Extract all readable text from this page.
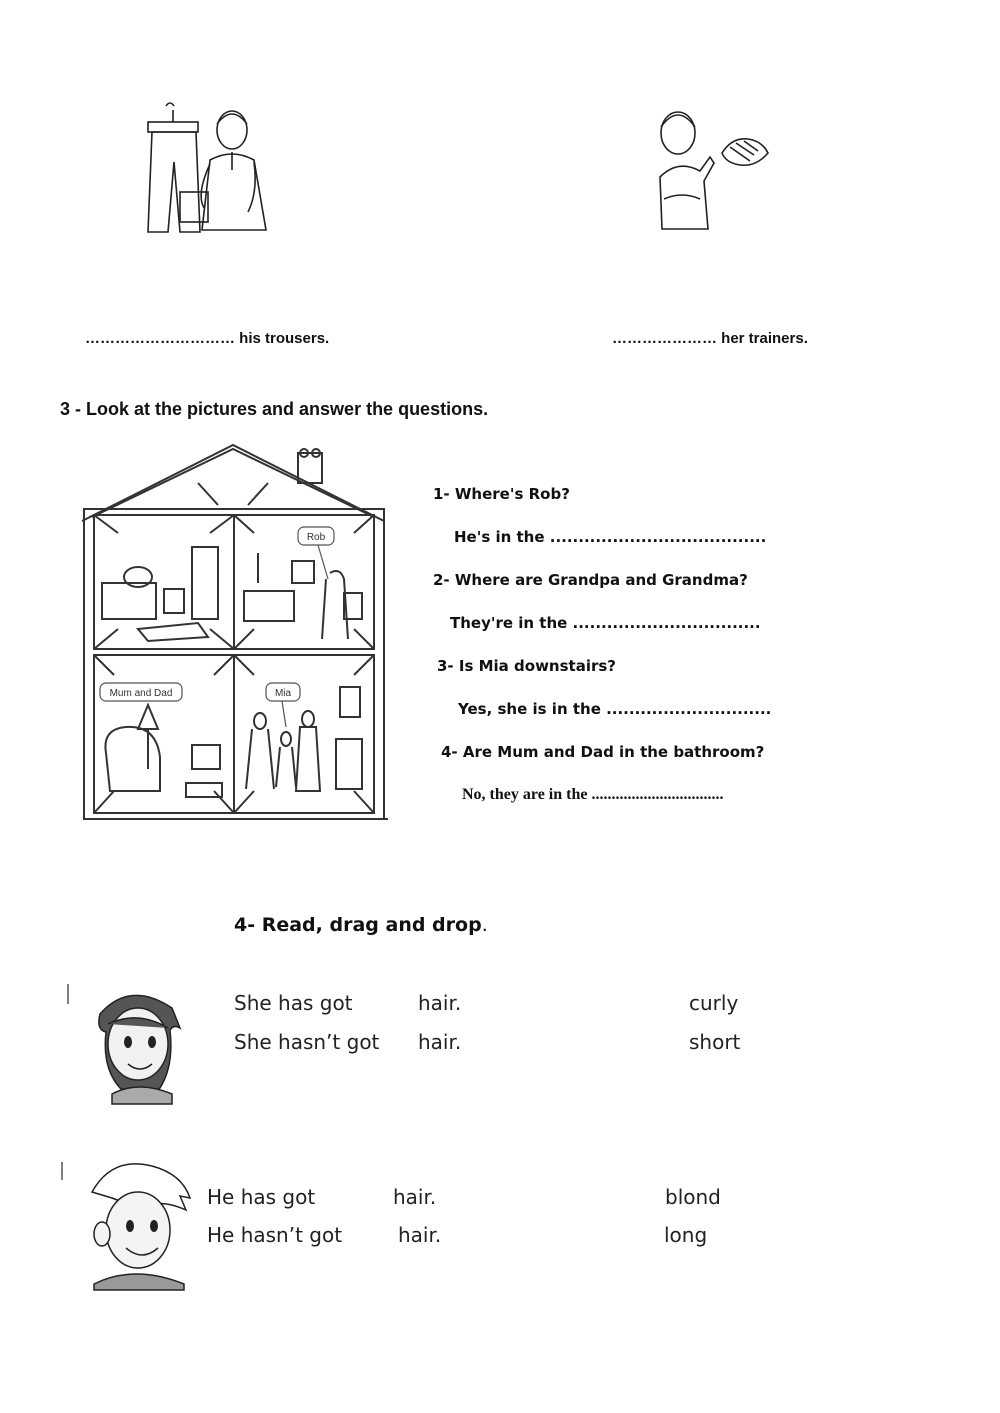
………………………… his trousers.	………………… her trainers.
3 - Look at the pictures and answer the questions.
Rob
Mum and Dad	Mia
1- Where's Rob?
He's in the ......................................
2- Where are Grandpa and Grandma?
They're in the .................................
3- Is Mia downstairs?
Yes, she is in the .............................
4- Are Mum and Dad in the bathroom?
No, they are in the .................................
4- Read, drag and drop.
She has got	hair.	curly
She hasn’t got hair.	short
He has got	hair.	blond
He hasn’t got	hair.	long
